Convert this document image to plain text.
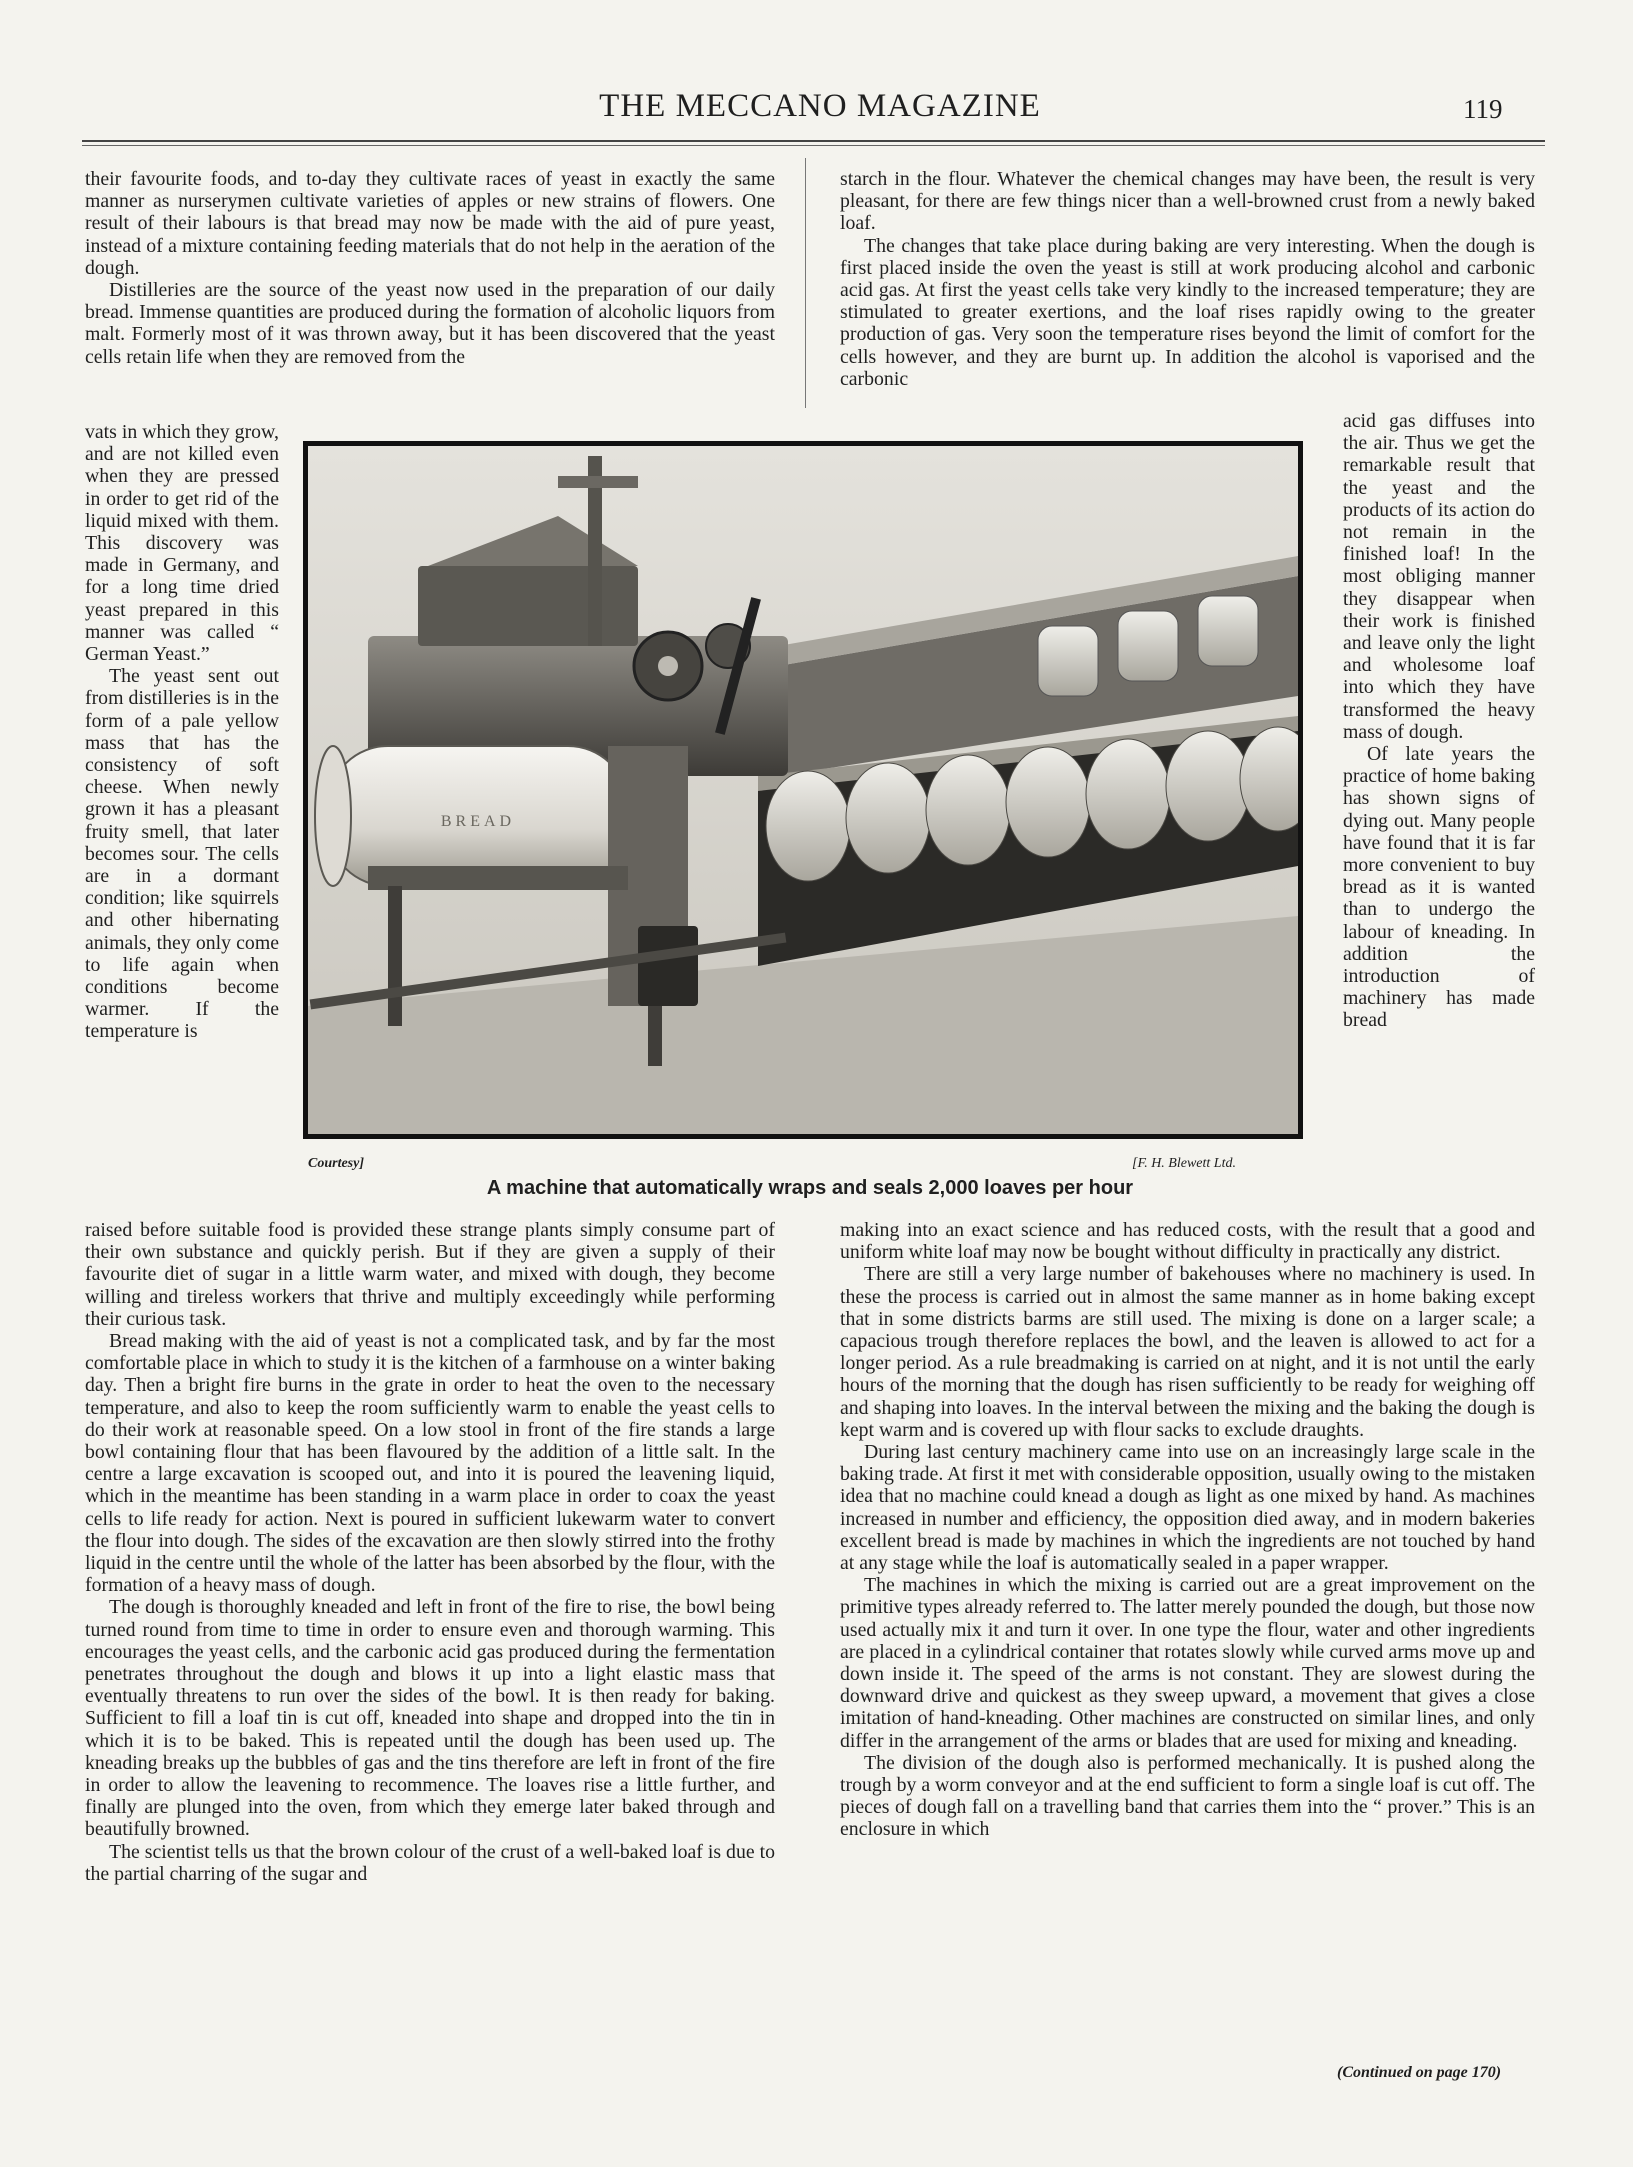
THE MECCANO MAGAZINE	119

their favourite foods, and to-day they cultivate races of yeast in exactly the same manner as nurserymen cultivate varieties of apples or new strains of flowers. One result of their labours is that bread may now be made with the aid of pure yeast, instead of a mixture containing feeding materials that do not help in the aeration of the dough.

Distilleries are the source of the yeast now used in the preparation of our daily bread. Immense quantities are produced during the formation of alcoholic liquors from malt. Formerly most of it was thrown away, but it has been discovered that the yeast cells retain life when they are removed from the

starch in the flour. Whatever the chemical changes may have been, the result is very pleasant, for there are few things nicer than a well-browned crust from a newly baked loaf.

The changes that take place during baking are very interesting. When the dough is first placed inside the oven the yeast is still at work producing alcohol and carbonic acid gas. At first the yeast cells take very kindly to the increased temperature; they are stimulated to greater exertions, and the loaf rises rapidly owing to the greater production of gas. Very soon the temperature rises beyond the limit of comfort for the cells however, and they are burnt up. In addition the alcohol is vaporised and the carbonic

vats in which they grow, and are not killed even when they are pressed in order to get rid of the liquid mixed with them. This discovery was made in Germany, and for a long time dried yeast prepared in this manner was called “ German Yeast.”

The yeast sent out from distilleries is in the form of a pale yellow mass that has the consistency of soft cheese. When newly grown it has a pleasant fruity smell, that later becomes sour. The cells are in a dormant condition; like squirrels and other hibernating animals, they only come to life again when conditions become warmer. If the temperature is

acid gas diffuses into the air. Thus we get the remarkable result that the yeast and the products of its action do not remain in the finished loaf! In the most obliging manner they disappear when their work is finished and leave only the light and wholesome loaf into which they have transformed the heavy mass of dough.

Of late years the practice of home baking has shown signs of dying out. Many people have found that it is far more convenient to buy bread as it is wanted than to undergo the labour of kneading. In addition the introduction of machinery has made bread

BREAD
Courtesy]	[F. H. Blewett Ltd.
A machine that automatically wraps and seals 2,000 loaves per hour

raised before suitable food is provided these strange plants simply consume part of their own substance and quickly perish. But if they are given a supply of their favourite diet of sugar in a little warm water, and mixed with dough, they become willing and tireless workers that thrive and multiply exceedingly while performing their curious task.

Bread making with the aid of yeast is not a complicated task, and by far the most comfortable place in which to study it is the kitchen of a farmhouse on a winter baking day. Then a bright fire burns in the grate in order to heat the oven to the necessary temperature, and also to keep the room sufficiently warm to enable the yeast cells to do their work at reasonable speed. On a low stool in front of the fire stands a large bowl containing flour that has been flavoured by the addition of a little salt. In the centre a large excavation is scooped out, and into it is poured the leavening liquid, which in the meantime has been standing in a warm place in order to coax the yeast cells to life ready for action. Next is poured in sufficient lukewarm water to convert the flour into dough. The sides of the excavation are then slowly stirred into the frothy liquid in the centre until the whole of the latter has been absorbed by the flour, with the formation of a heavy mass of dough.

The dough is thoroughly kneaded and left in front of the fire to rise, the bowl being turned round from time to time in order to ensure even and thorough warming. This encourages the yeast cells, and the carbonic acid gas produced during the fermentation penetrates throughout the dough and blows it up into a light elastic mass that eventually threatens to run over the sides of the bowl. It is then ready for baking. Sufficient to fill a loaf tin is cut off, kneaded into shape and dropped into the tin in which it is to be baked. This is repeated until the dough has been used up. The kneading breaks up the bubbles of gas and the tins therefore are left in front of the fire in order to allow the leavening to recommence. The loaves rise a little further, and finally are plunged into the oven, from which they emerge later baked through and beautifully browned.

The scientist tells us that the brown colour of the crust of a well-baked loaf is due to the partial charring of the sugar and

making into an exact science and has reduced costs, with the result that a good and uniform white loaf may now be bought without difficulty in practically any district.

There are still a very large number of bakehouses where no machinery is used. In these the process is carried out in almost the same manner as in home baking except that in some districts barms are still used. The mixing is done on a larger scale; a capacious trough therefore replaces the bowl, and the leaven is allowed to act for a longer period. As a rule breadmaking is carried on at night, and it is not until the early hours of the morning that the dough has risen sufficiently to be ready for weighing off and shaping into loaves. In the interval between the mixing and the baking the dough is kept warm and is covered up with flour sacks to exclude draughts.

During last century machinery came into use on an increasingly large scale in the baking trade. At first it met with considerable opposition, usually owing to the mistaken idea that no machine could knead a dough as light as one mixed by hand. As machines increased in number and efficiency, the opposition died away, and in modern bakeries excellent bread is made by machines in which the ingredients are not touched by hand at any stage while the loaf is automatically sealed in a paper wrapper.

The machines in which the mixing is carried out are a great improvement on the primitive types already referred to. The latter merely pounded the dough, but those now used actually mix it and turn it over. In one type the flour, water and other ingredients are placed in a cylindrical container that rotates slowly while curved arms move up and down inside it. The speed of the arms is not constant. They are slowest during the downward drive and quickest as they sweep upward, a movement that gives a close imitation of hand-kneading. Other machines are constructed on similar lines, and only differ in the arrangement of the arms or blades that are used for mixing and kneading.

The division of the dough also is performed mechanically. It is pushed along the trough by a worm conveyor and at the end sufficient to form a single loaf is cut off. The pieces of dough fall on a travelling band that carries them into the “ prover.” This is an enclosure in which

(Continued on page 170)
